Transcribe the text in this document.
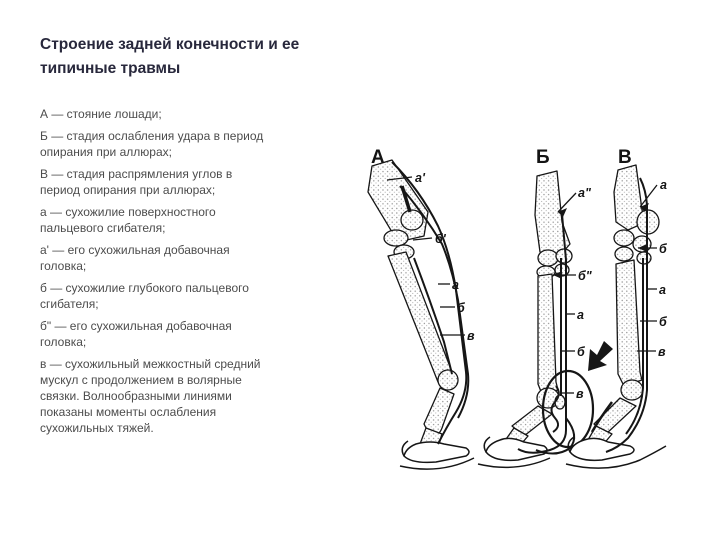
Строение задней конечности и ее типичные травмы

А — стояние лошади;

Б — стадия ослабления удара в период опирания при аллюрах;

В — стадия распрямления углов в период опирания при аллюрах;

а — сухожилие поверхностного пальцевого сгибателя;

а' — его сухожильная добавочная головка;

б — сухожилие глубокого пальцевого сгибателя;

б" — его сухожильная добавочная головка;

в — сухожильный межкостный средний мускул с продолжением в волярные связки. Волнообразными линиями показаны моменты ослабления сухожильных тяжей.

А
а'
б'
а
б
в
Б
а"
б"
а
б
в
В
а
б
а
б
в
